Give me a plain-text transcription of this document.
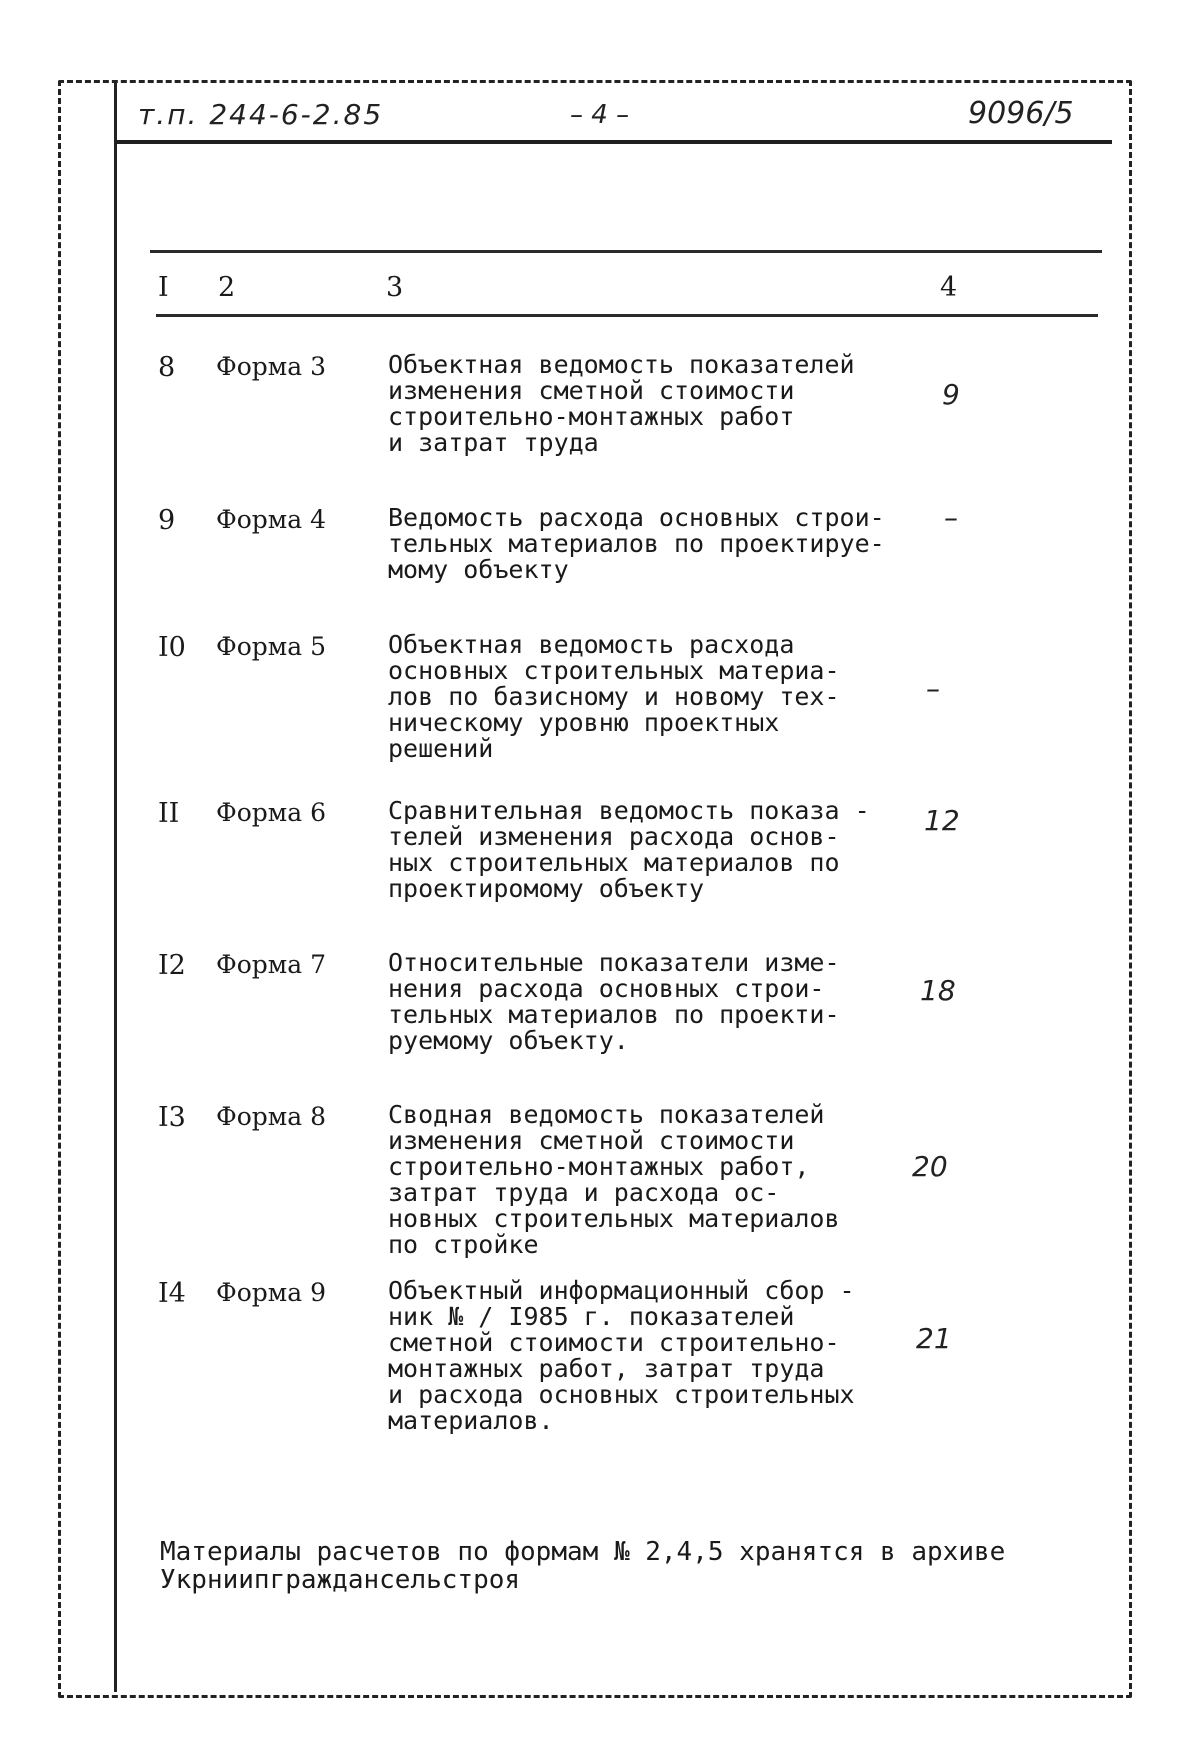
т.п. 244-6-2.85	– 4 –	9096/5
I 2	3	4
8 Форма 3 Объектная ведомость показателей
изменения сметной стоимости
строительно-монтажных работ
и затрат труда
9
9 Форма 4 Ведомость расхода основных строи-
тельных материалов по проектируе-
мому объекту
–
I0 Форма 5 Объектная ведомость расхода
основных строительных материа-
лов по базисному и новому тех-
ническому уровню проектных
решений
–
II Форма 6 Сравнительная ведомость показа -
телей изменения расхода основ-
ных строительных материалов по
проектиромому объекту
12
I2 Форма 7 Относительные показатели изме-
нения расхода основных строи-
тельных материалов по проекти-
руемому объекту.
18
I3 Форма 8 Сводная ведомость показателей
изменения сметной стоимости
строительно-монтажных работ,
затрат труда и расхода ос-
новных строительных материалов
по стройке
20
I4 Форма 9 Объектный информационный сбор -
ник № / I985 г. показателей
сметной стоимости строительно-
монтажных работ, затрат труда
и расхода основных строительных
материалов.
21
Материалы расчетов по формам № 2,4,5 хранятся в архиве
Укрниипгражданcельстроя
